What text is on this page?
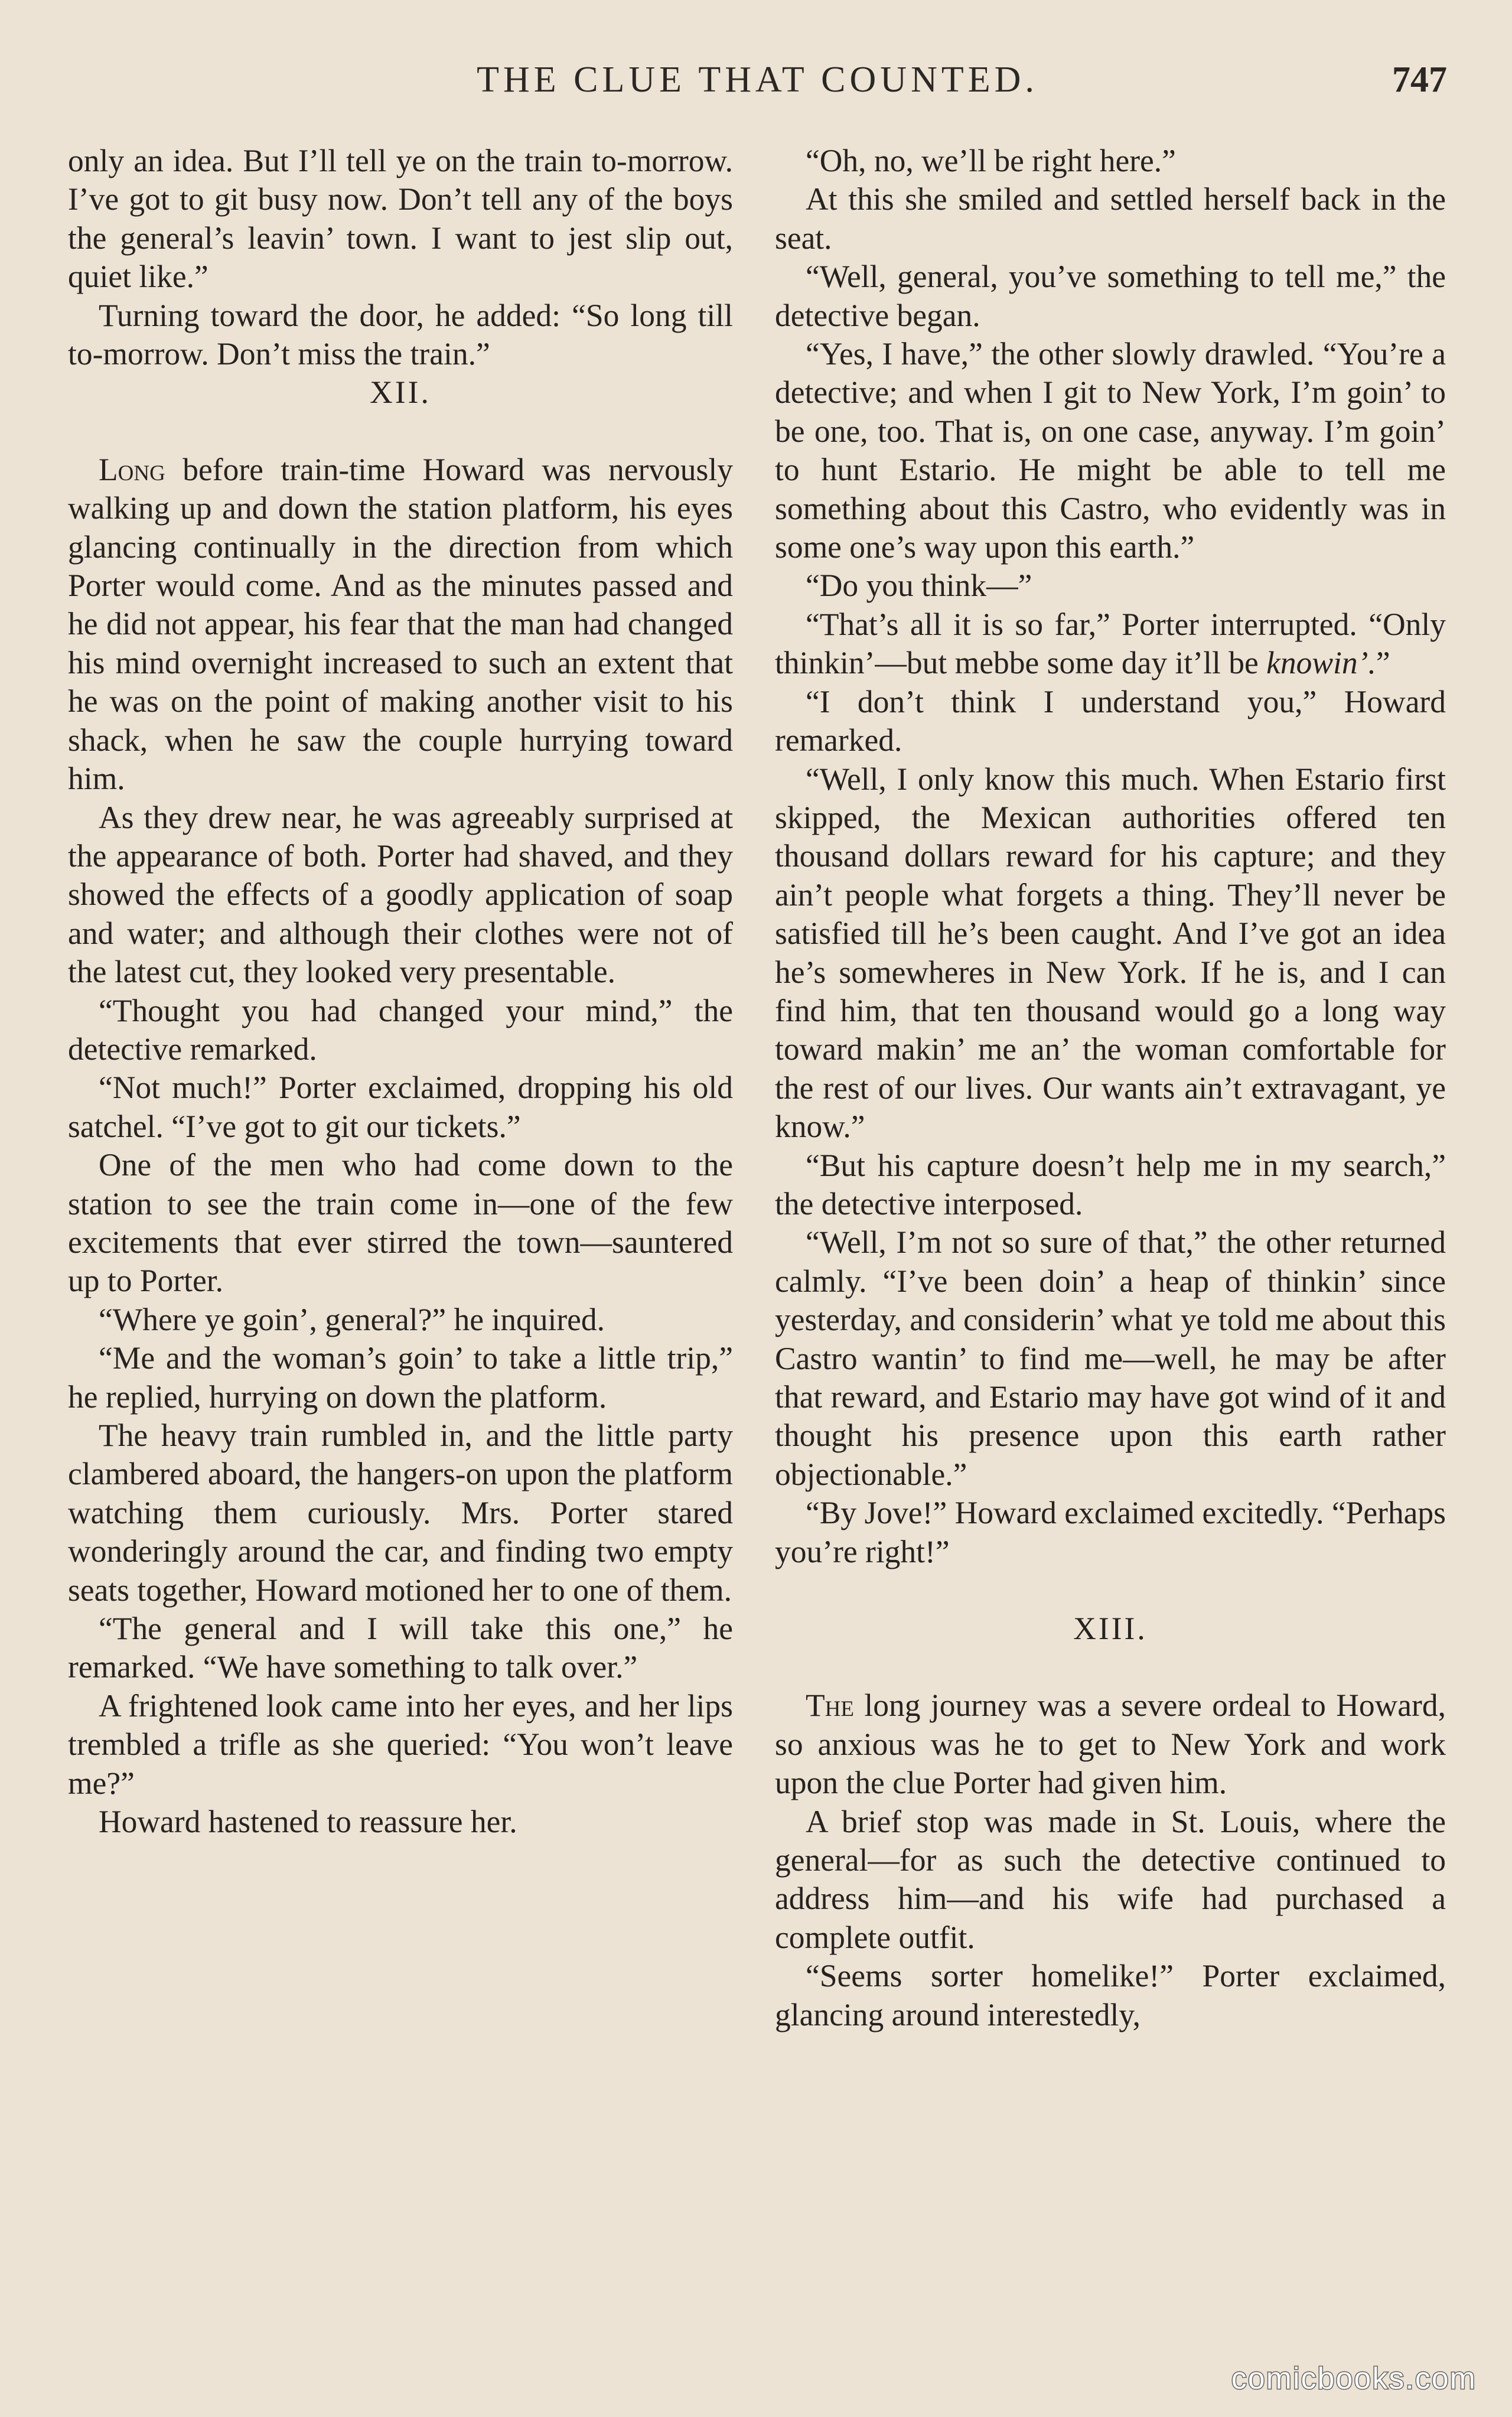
THE CLUE THAT COUNTED.	747

only an idea. But I’ll tell ye on the train to-morrow. I’ve got to git busy now. Don’t tell any of the boys the general’s leavin’ town. I want to jest slip out, quiet like.”

Turning toward the door, he added: “So long till to-morrow. Don’t miss the train.”

XII.

Long before train-time Howard was nervously walking up and down the station platform, his eyes glancing continually in the direction from which Porter would come. And as the minutes passed and he did not appear, his fear that the man had changed his mind overnight increased to such an extent that he was on the point of making another visit to his shack, when he saw the couple hurrying toward him.

As they drew near, he was agreeably surprised at the appearance of both. Porter had shaved, and they showed the effects of a goodly application of soap and water; and although their clothes were not of the latest cut, they looked very presentable.

“Thought you had changed your mind,” the detective remarked.

“Not much!” Porter exclaimed, dropping his old satchel. “I’ve got to git our tickets.”

One of the men who had come down to the station to see the train come in—one of the few excitements that ever stirred the town—sauntered up to Porter.

“Where ye goin’, general?” he inquired.

“Me and the woman’s goin’ to take a little trip,” he replied, hurrying on down the platform.

The heavy train rumbled in, and the little party clambered aboard, the hangers-on upon the platform watching them curiously. Mrs. Porter stared wonderingly around the car, and finding two empty seats together, Howard motioned her to one of them.

“The general and I will take this one,” he remarked. “We have something to talk over.”

A frightened look came into her eyes, and her lips trembled a trifle as she queried: “You won’t leave me?”

Howard hastened to reassure her.

“Oh, no, we’ll be right here.”

At this she smiled and settled herself back in the seat.

“Well, general, you’ve something to tell me,” the detective began.

“Yes, I have,” the other slowly drawled. “You’re a detective; and when I git to New York, I’m goin’ to be one, too. That is, on one case, anyway. I’m goin’ to hunt Estario. He might be able to tell me something about this Castro, who evidently was in some one’s way upon this earth.”

“Do you think—”

“That’s all it is so far,” Porter interrupted. “Only thinkin’—but mebbe some day it’ll be knowin’.”

“I don’t think I understand you,” Howard remarked.

“Well, I only know this much. When Estario first skipped, the Mexican authorities offered ten thousand dollars reward for his capture; and they ain’t people what forgets a thing. They’ll never be satisfied till he’s been caught. And I’ve got an idea he’s somewheres in New York. If he is, and I can find him, that ten thousand would go a long way toward makin’ me an’ the woman comfortable for the rest of our lives. Our wants ain’t extravagant, ye know.”

“But his capture doesn’t help me in my search,” the detective interposed.

“Well, I’m not so sure of that,” the other returned calmly. “I’ve been doin’ a heap of thinkin’ since yesterday, and considerin’ what ye told me about this Castro wantin’ to find me—well, he may be after that reward, and Estario may have got wind of it and thought his presence upon this earth rather objectionable.”

“By Jove!” Howard exclaimed excitedly. “Perhaps you’re right!”

XIII.

The long journey was a severe ordeal to Howard, so anxious was he to get to New York and work upon the clue Porter had given him.

A brief stop was made in St. Louis, where the general—for as such the detective continued to address him—and his wife had purchased a complete outfit.

“Seems sorter homelike!” Porter exclaimed, glancing around interestedly,

comicbooks.com
